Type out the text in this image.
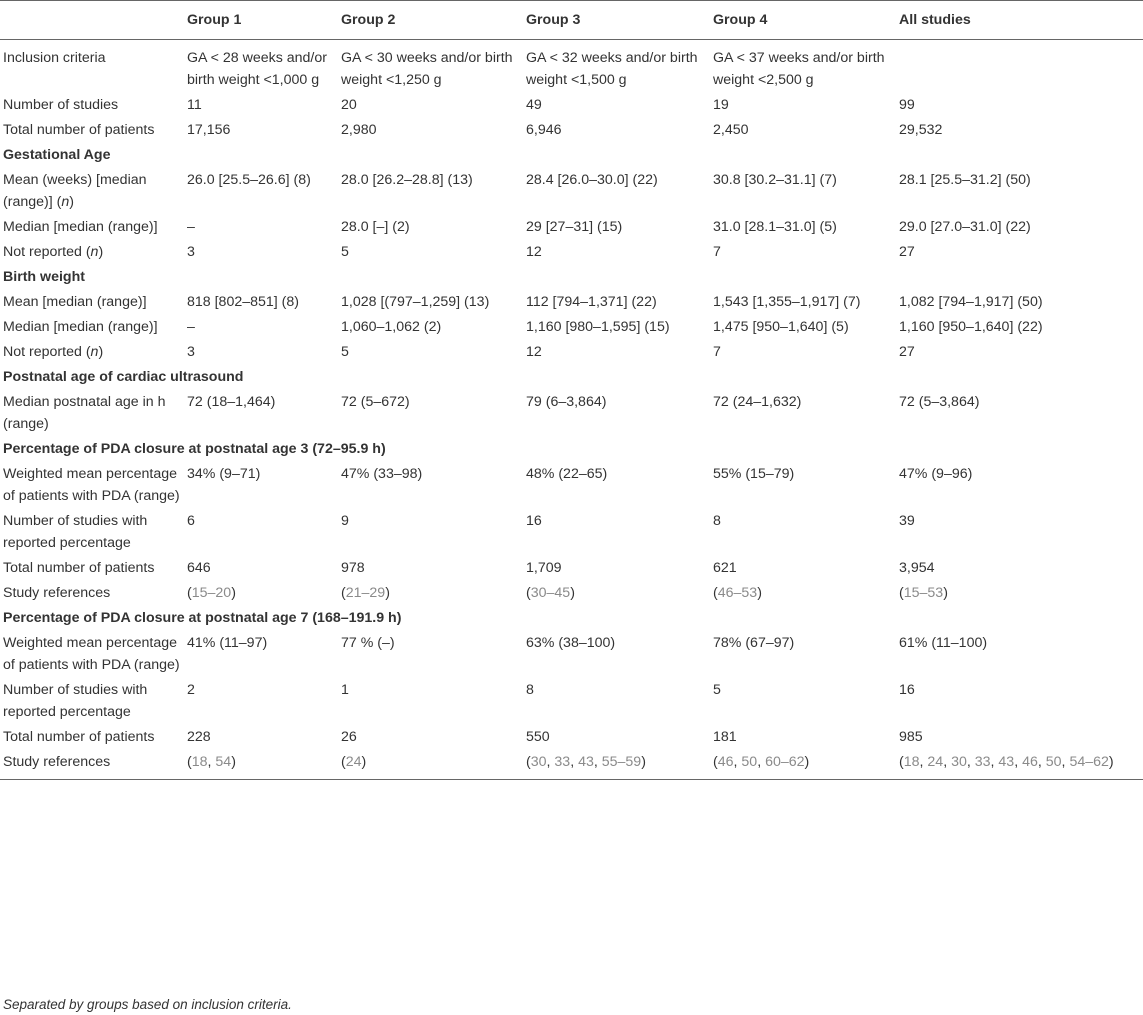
	Group 1	Group 2	Group 3	Group 4	All studies
Inclusion criteria	GA < 28 weeks and/or birth weight <1,000 g	GA < 30 weeks and/or birth weight <1,250 g	GA < 32 weeks and/or birth weight <1,500 g	GA < 37 weeks and/or birth weight <2,500 g	
Number of studies	11	20	49	19	99
Total number of patients	17,156	2,980	6,946	2,450	29,532
Gestational Age					
Mean (weeks) [median (range)] (n)	26.0 [25.5–26.6] (8)	28.0 [26.2–28.8] (13)	28.4 [26.0–30.0] (22)	30.8 [30.2–31.1] (7)	28.1 [25.5–31.2] (50)
Median [median (range)]	–	28.0 [–] (2)	29 [27–31] (15)	31.0 [28.1–31.0] (5)	29.0 [27.0–31.0] (22)
Not reported (n)	3	5	12	7	27
Birth weight					
Mean [median (range)]	818 [802–851] (8)	1,028 [(797–1,259] (13)	112 [794–1,371] (22)	1,543 [1,355–1,917] (7)	1,082 [794–1,917] (50)
Median [median (range)]	–	1,060–1,062 (2)	1,160 [980–1,595] (15)	1,475 [950–1,640] (5)	1,160 [950–1,640] (22)
Not reported (n)	3	5	12	7	27
Postnatal age of cardiac ultrasound					
Median postnatal age in h (range)	72 (18–1,464)	72 (5–672)	79 (6–3,864)	72 (24–1,632)	72 (5–3,864)
Percentage of PDA closure at postnatal age 3 (72–95.9 h)					
Weighted mean percentage of patients with PDA (range)	34% (9–71)	47% (33–98)	48% (22–65)	55% (15–79)	47% (9–96)
Number of studies with reported percentage	6	9	16	8	39
Total number of patients	646	978	1,709	621	3,954
Study references	(15–20)	(21–29)	(30–45)	(46–53)	(15–53)
Percentage of PDA closure at postnatal age 7 (168–191.9 h)					
Weighted mean percentage of patients with PDA (range)	41% (11–97)	77 % (–)	63% (38–100)	78% (67–97)	61% (11–100)
Number of studies with reported percentage	2	1	8	5	16
Total number of patients	228	26	550	181	985
Study references	(18, 54)	(24)	(30, 33, 43, 55–59)	(46, 50, 60–62)	(18, 24, 30, 33, 43, 46, 50, 54–62)
Separated by groups based on inclusion criteria.
